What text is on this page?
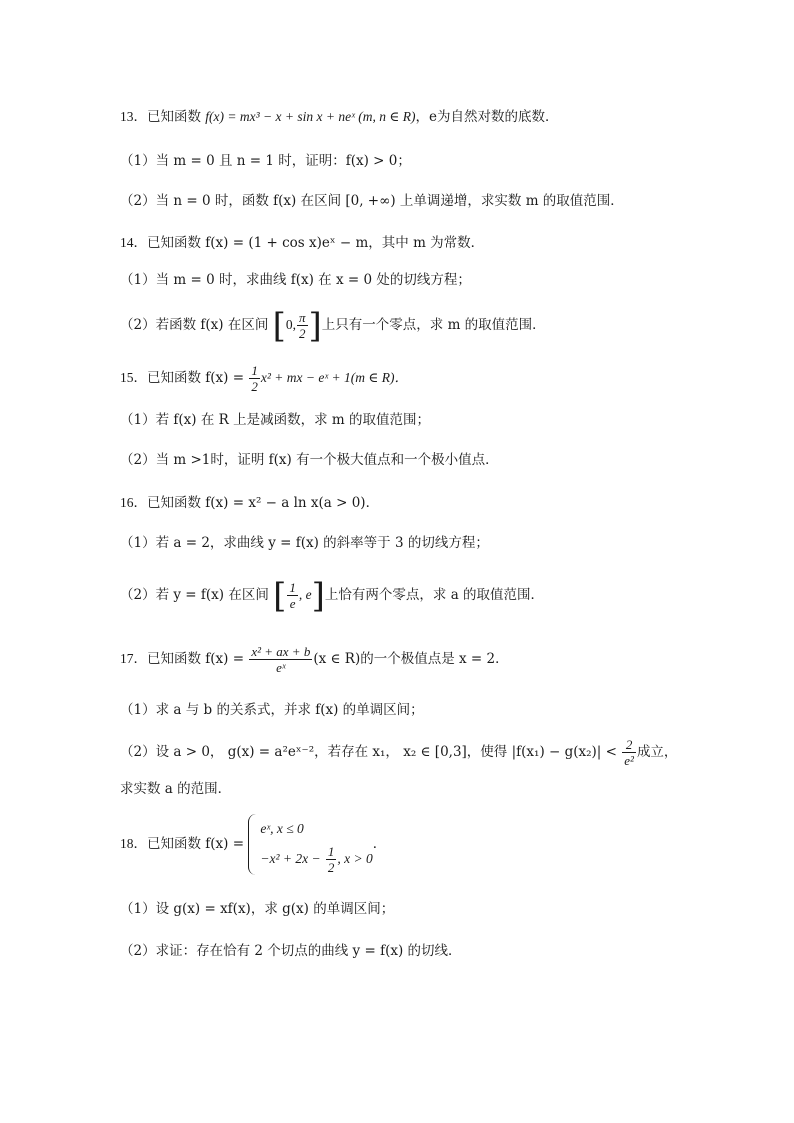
13．已知函数 f(x) = mx³ − x + sin x + neˣ (m, n ∈ R)，e为自然对数的底数．
（1）当 m = 0 且 n = 1 时，证明：f(x) > 0；
（2）当 n = 0 时，函数 f(x) 在区间 [0, +∞) 上单调递增，求实数 m 的取值范围．
14．已知函数 f(x) = (1 + cos x)eˣ − m，其中 m 为常数．
（1）当 m = 0 时，求曲线 f(x) 在 x = 0 处的切线方程；
（2）若函数 f(x) 在区间 [0, $\frac{\pi}{2}$ ]上只有一个零点，求 m 的取值范围．
15．已知函数 $f(x) = \frac{1}{2} x^2$ + mx − eˣ + 1(m ∈ R)．
（1）若 f(x) 在 R 上是减函数，求 m 的取值范围；
（2）当 m >1时，证明 f(x) 有一个极大值点和一个极小值点．
16．已知函数 f(x) = x² − a ln x(a > 0)．
（1）若 a = 2，求曲线 y = f(x) 的斜率等于 3 的切线方程；
（2）若 y = f(x) 在区间 [ $\frac{1}{e}$ , e]上恰有两个零点，求 a 的取值范围．
17．已知函数 $f(x) = \frac{\text{x² + ax + b}}{\text{eˣ}} (x$ ∈ R)的一个极值点是 x = 2．
（1）求 a 与 b 的关系式，并求 f(x) 的单调区间；
（2）设 a > 0， g(x) = a²eˣ⁻²，若存在 x₁， x₂ ∈ [0,3]，使得 $|f(x_1) - g(x_2)| < \frac{2}{\text{e²}}$ 成立，
求实数 a 的范围．
18．已知函数 f(x) =
eˣ, x ≤ 0
$-x^2 + 2x - \frac{1}{2}$ , x > 0
．
（1）设 g(x) = xf(x)，求 g(x) 的单调区间；
（2）求证：存在恰有 2 个切点的曲线 y = f(x) 的切线．
